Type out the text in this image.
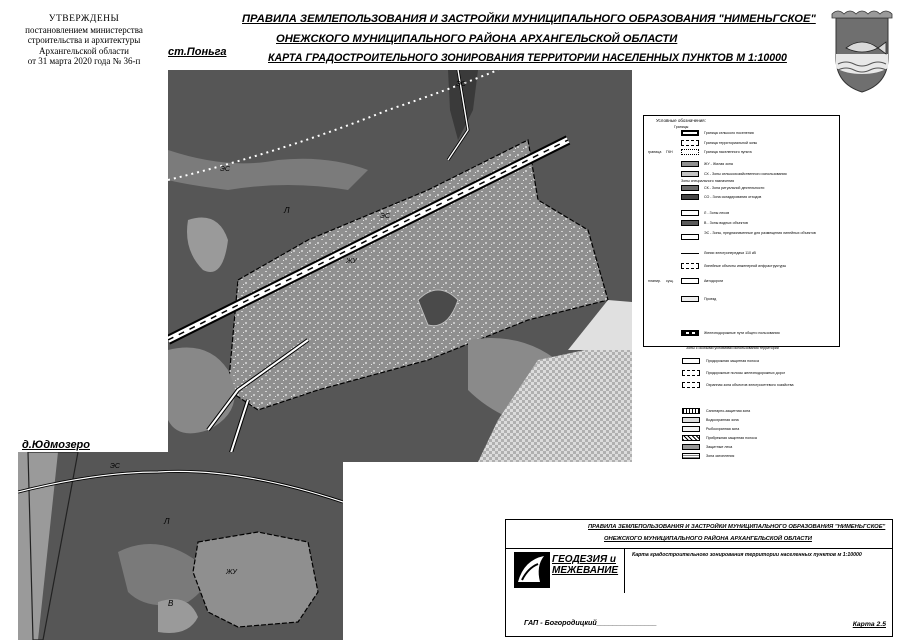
УТВЕРЖДЕНЫ
постановлением министерства
строительства и архитектуры
Архангельской области
от 31 марта 2020 года № 36-п
ПРАВИЛА ЗЕМЛЕПОЛЬЗОВАНИЯ И ЗАСТРОЙКИ МУНИЦИПАЛЬНОГО ОБРАЗОВАНИЯ "НИМЕНЬГСКОЕ"
ОНЕЖСКОГО МУНИЦИПАЛЬНОГО РАЙОНА АРХАНГЕЛЬСКОЙ ОБЛАСТИ
КАРТА ГРАДОСТРОИТЕЛЬНОГО ЗОНИРОВАНИЯ ТЕРРИТОРИИ НАСЕЛЕННЫХ ПУНКТОВ М 1:10000
ст.Поньга
д.Юдмозеро
ЭС
ЭС
ЭС
Л
ЖУ
ЭС
Л
ЖУ
В
Условные обозначения:
Границы
Граница сельского поселения
Граница территориальной зоны
граница ГКН	Граница населенного пункта
ЖУ - Жилая зона
СХ - Зоны сельскохозяйственного использования
Зоны специального назначения
СК - Зона ритуальной деятельности
СО - Зона складирования отходов
Л - Зоны лесов
В - Зоны водных объектов
ЭС - Зоны, предназначенные для размещения линейных объектов
Линии электропередачи 110 кВ
Линейные объекты инженерной инфраструктуры
планир. сущ.	Автодороги
Проезд
Железнодорожные пути общего пользования
Зоны с особыми условиями использования территории
Придорожная защитная полоса
Придорожные полосы железнодорожных дорог
Охранная зона объектов электросетевого хозяйства
Санитарно-защитная зона
Водоохранная зона
Рыбоохранная зона
Прибрежная защитная полоса
Защитные леса
Зона затопления
ПРАВИЛА ЗЕМЛЕПОЛЬЗОВАНИЯ И ЗАСТРОЙКИ МУНИЦИПАЛЬНОГО ОБРАЗОВАНИЯ "НИМЕНЬГСКОЕ"
ОНЕЖСКОГО МУНИЦИПАЛЬНОГО РАЙОНА АРХАНГЕЛЬСКОЙ ОБЛАСТИ
Карта градостроительного зонирования территории населенных пунктов м 1:10000
ГЕОДЕЗИЯ и
МЕЖЕВАНИЕ
ГАП - Богородицкий_______________	Карта 2.5
